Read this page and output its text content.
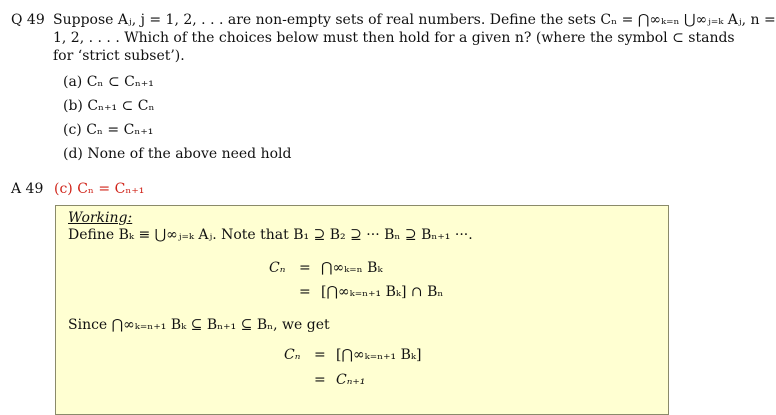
Q 49 Suppose Aⱼ, j = 1, 2, . . . are non-empty sets of real numbers. Define the sets Cₙ = ⋂∞ₖ₌ₙ ⋃∞ⱼ₌ₖ Aⱼ, n =
1, 2, . . . . Which of the choices below must then hold for a given n? (where the symbol ⊂ stands
for ‘strict subset’).
(a) Cₙ ⊂ Cₙ₊₁
(b) Cₙ₊₁ ⊂ Cₙ
(c) Cₙ = Cₙ₊₁
(d) None of the above need hold
A 49 (c) Cₙ = Cₙ₊₁
Working:
Define Bₖ ≡ ⋃∞ⱼ₌ₖ Aⱼ. Note that B₁ ⊇ B₂ ⊇ ··· Bₙ ⊇ Bₙ₊₁ ···.
Cₙ = ⋂∞ₖ₌ₙ Bₖ
= [⋂∞ₖ₌ₙ₊₁ Bₖ] ∩ Bₙ
Since ⋂∞ₖ₌ₙ₊₁ Bₖ ⊆ Bₙ₊₁ ⊆ Bₙ, we get
Cₙ = [⋂∞ₖ₌ₙ₊₁ Bₖ]
= Cₙ₊₁
